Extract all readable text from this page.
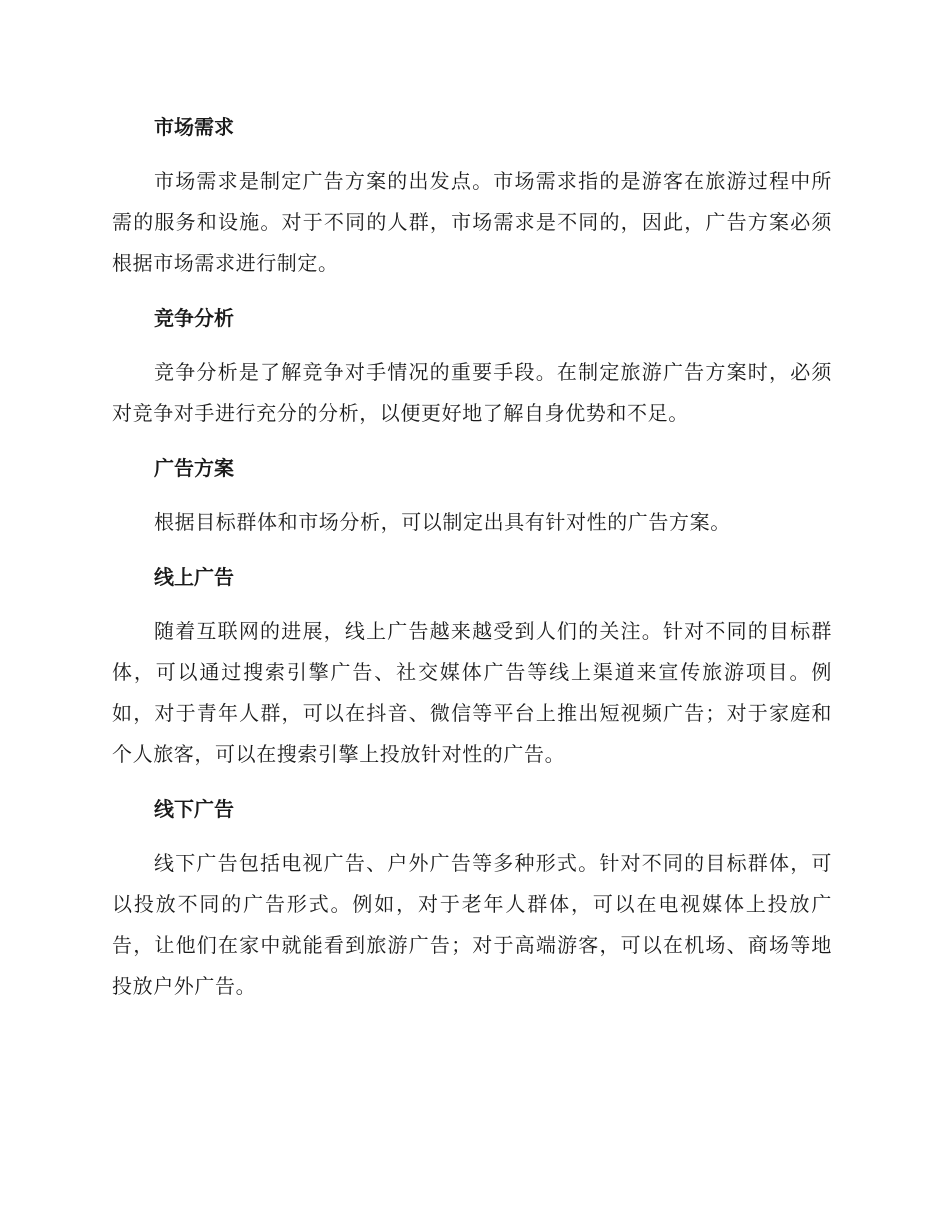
市场需求

市场需求是制定广告方案的出发点。市场需求指的是游客在旅游过程中所需的服务和设施。对于不同的人群，市场需求是不同的，因此，广告方案必须根据市场需求进行制定。

竞争分析

竞争分析是了解竞争对手情况的重要手段。在制定旅游广告方案时，必须对竞争对手进行充分的分析，以便更好地了解自身优势和不足。

广告方案

根据目标群体和市场分析，可以制定出具有针对性的广告方案。

线上广告

随着互联网的进展，线上广告越来越受到人们的关注。针对不同的目标群体，可以通过搜索引擎广告、社交媒体广告等线上渠道来宣传旅游项目。例如，对于青年人群，可以在抖音、微信等平台上推出短视频广告；对于家庭和个人旅客，可以在搜索引擎上投放针对性的广告。

线下广告

线下广告包括电视广告、户外广告等多种形式。针对不同的目标群体，可以投放不同的广告形式。例如，对于老年人群体，可以在电视媒体上投放广告，让他们在家中就能看到旅游广告；对于高端游客，可以在机场、商场等地投放户外广告。
